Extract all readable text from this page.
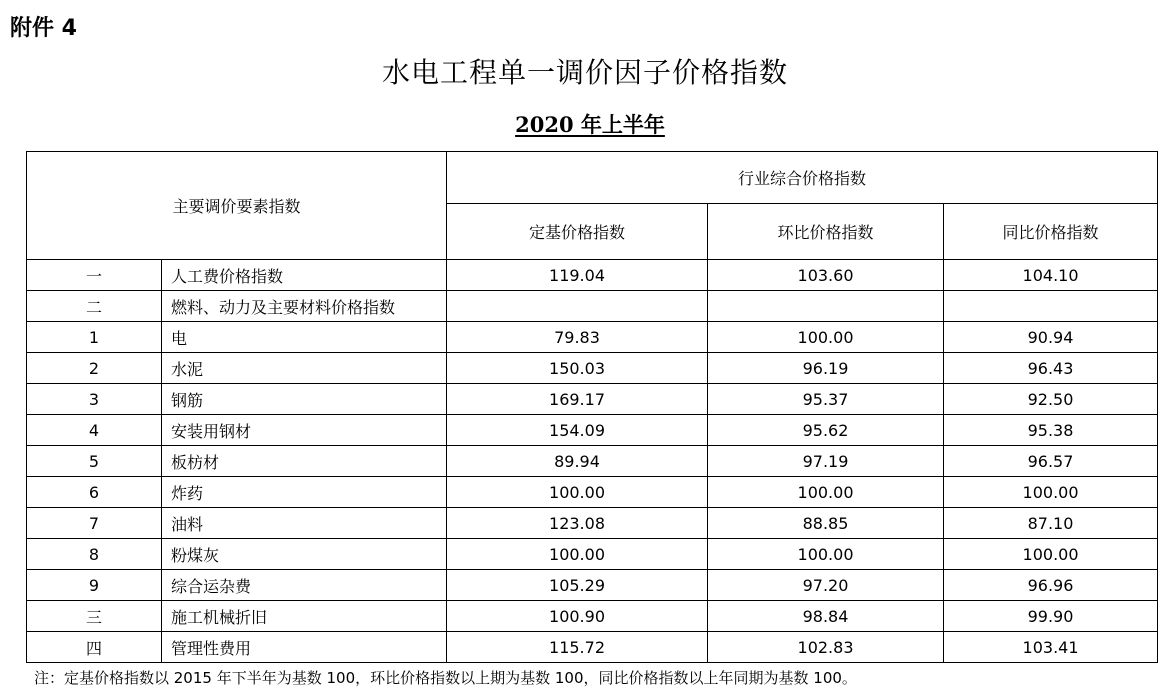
附件 4
水电工程单一调价因子价格指数
2020 年上半年
主要调价要素指数		行业综合价格指数		
		定基价格指数	环比价格指数	同比价格指数
一	人工费价格指数	119.04	103.60	104.10
二	燃料、动力及主要材料价格指数			
1	电	79.83	100.00	90.94
2	水泥	150.03	96.19	96.43
3	钢筋	169.17	95.37	92.50
4	安装用钢材	154.09	95.62	95.38
5	板枋材	89.94	97.19	96.57
6	炸药	100.00	100.00	100.00
7	油料	123.08	88.85	87.10
8	粉煤灰	100.00	100.00	100.00
9	综合运杂费	105.29	97.20	96.96
三	施工机械折旧	100.90	98.84	99.90
四	管理性费用	115.72	102.83	103.41
注：定基价格指数以 2015 年下半年为基数 100，环比价格指数以上期为基数 100，同比价格指数以上年同期为基数 100。
